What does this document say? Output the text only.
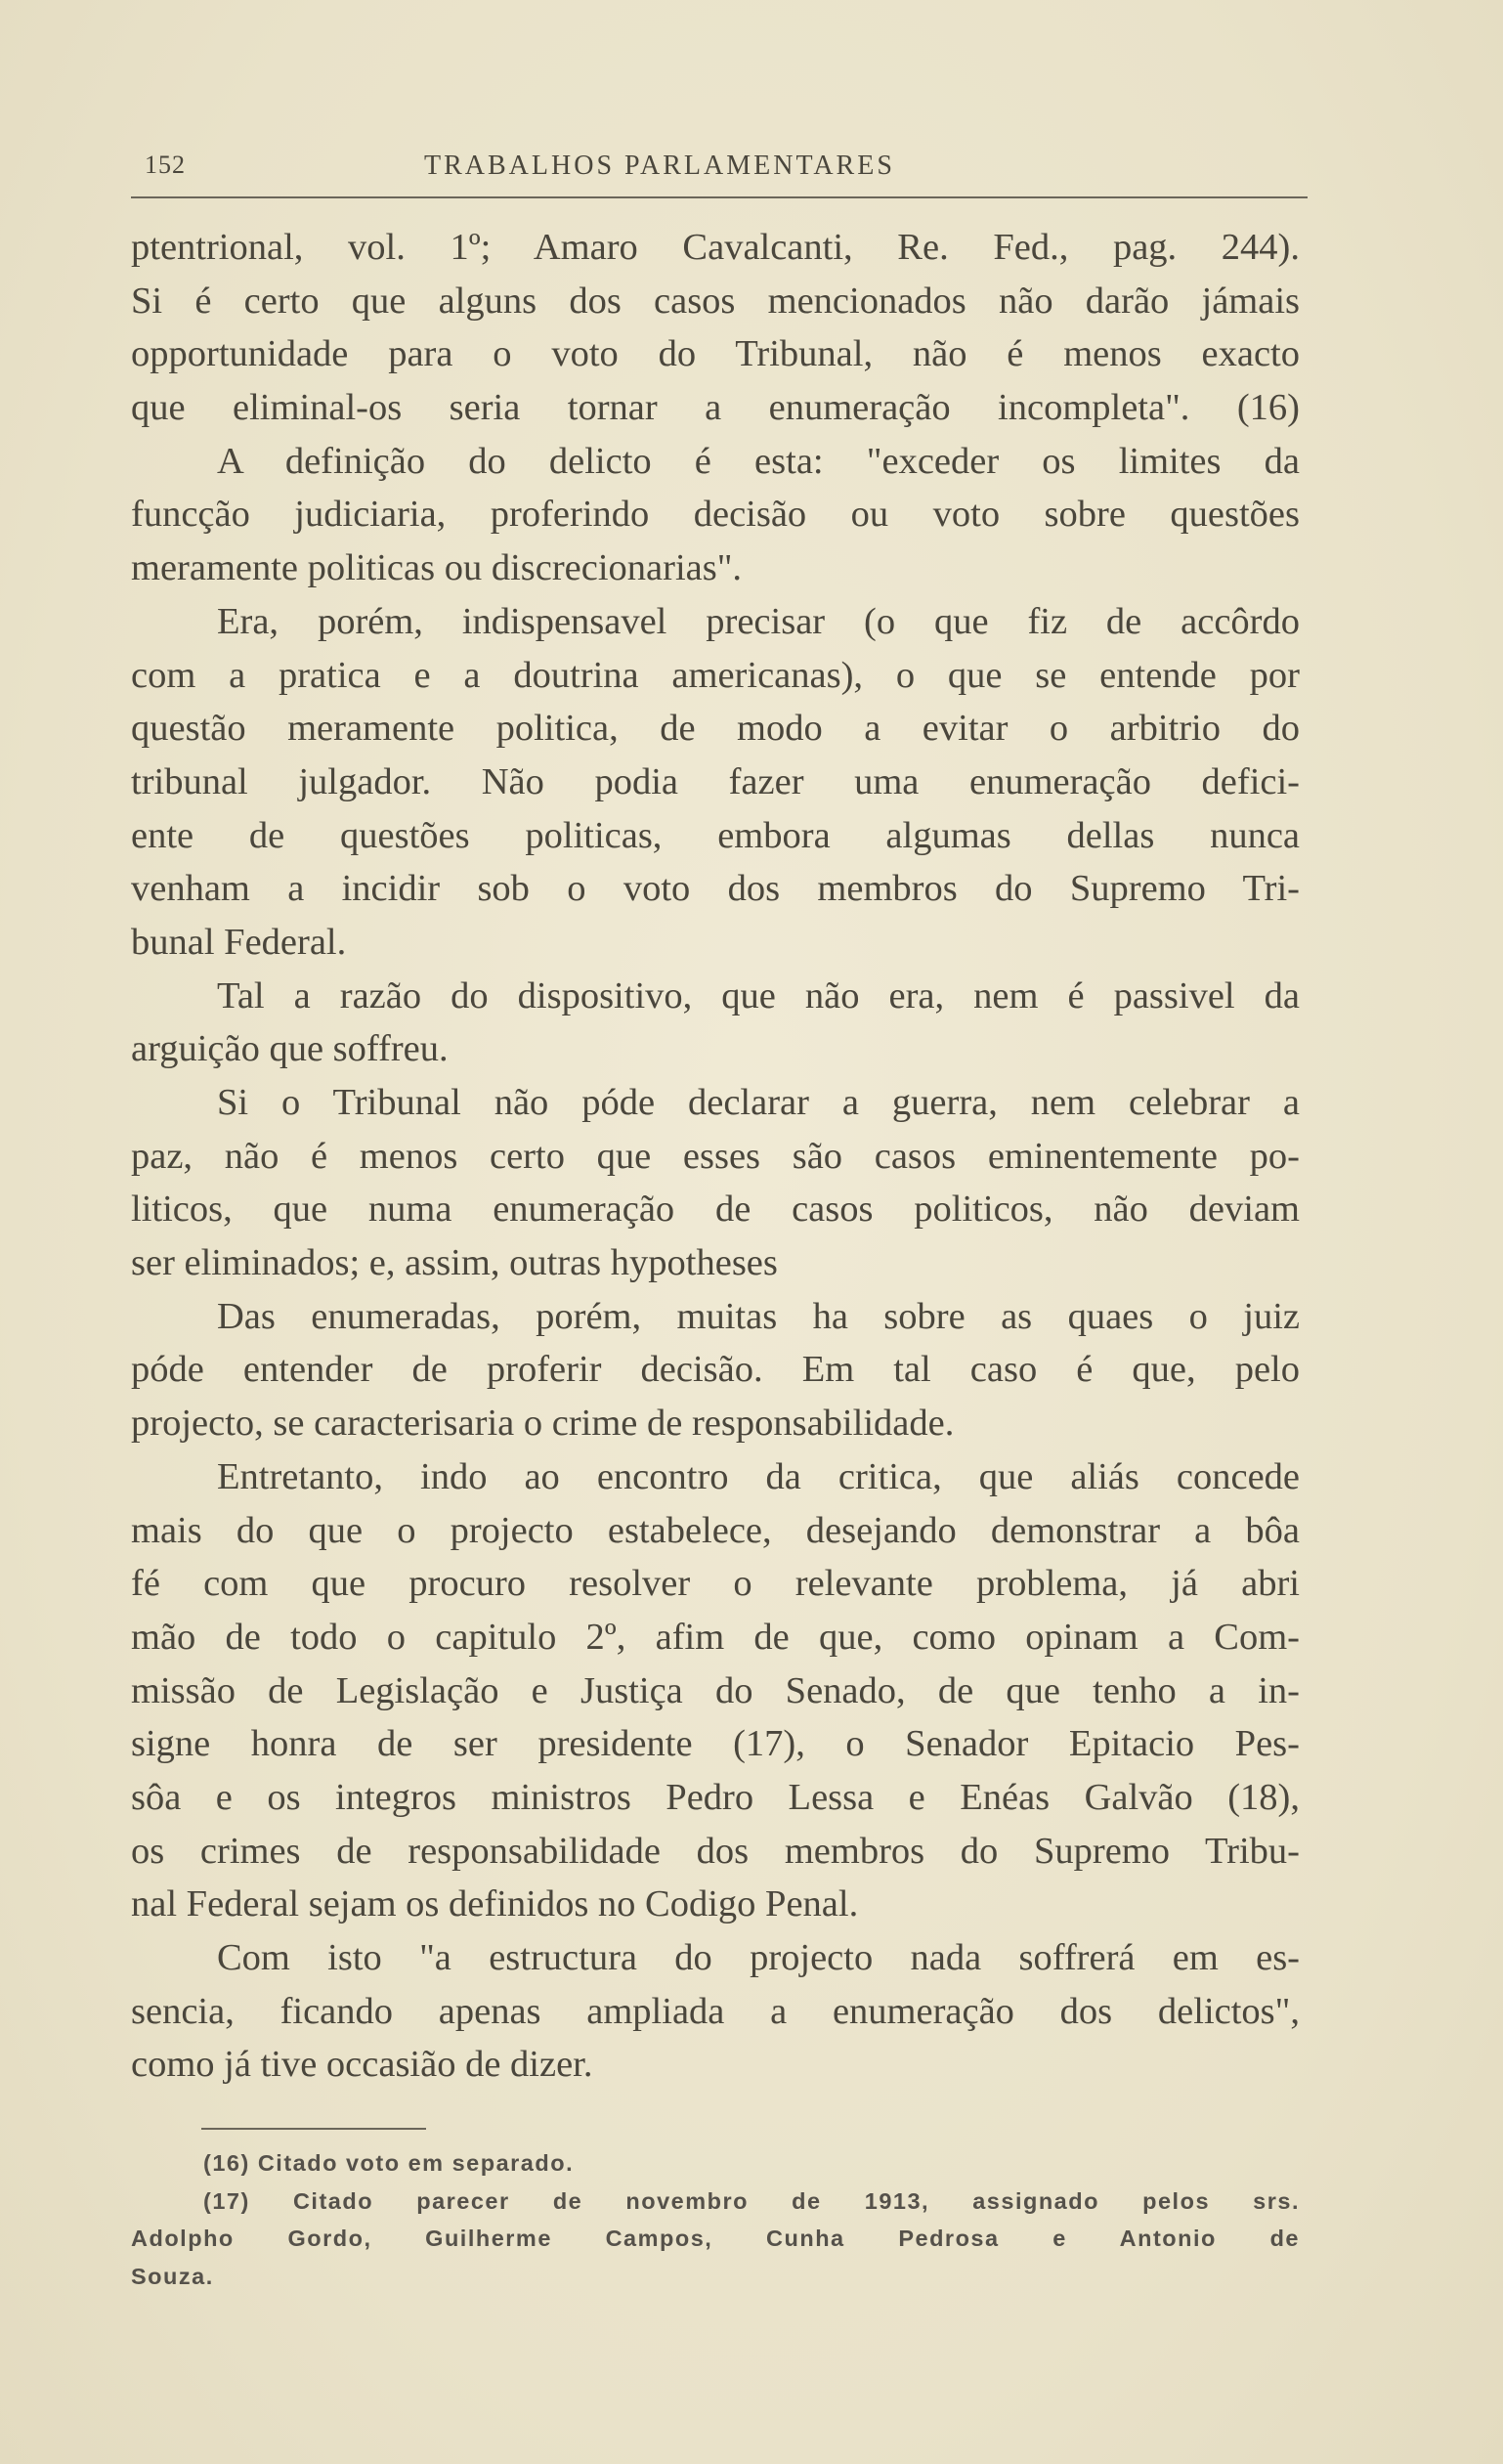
152	TRABALHOS PARLAMENTARES
ptentrional, vol. 1º; Amaro Cavalcanti, Re. Fed., pag. 244).
Si é certo que alguns dos casos mencionados não darão jámais
opportunidade para o voto do Tribunal, não é menos exacto
que eliminal-os seria tornar a enumeração incompleta". (16)
A definição do delicto é esta: "exceder os limites da
funcção judiciaria, proferindo decisão ou voto sobre questões
meramente politicas ou discrecionarias".
Era, porém, indispensavel precisar (o que fiz de accôrdo
com a pratica e a doutrina americanas), o que se entende por
questão meramente politica, de modo a evitar o arbitrio do
tribunal julgador. Não podia fazer uma enumeração defici-
ente de questões politicas, embora algumas dellas nunca
venham a incidir sob o voto dos membros do Supremo Tri-
bunal Federal.
Tal a razão do dispositivo, que não era, nem é passivel da
arguição que soffreu.
Si o Tribunal não póde declarar a guerra, nem celebrar a
paz, não é menos certo que esses são casos eminentemente po-
liticos, que numa enumeração de casos politicos, não deviam
ser eliminados; e, assim, outras hypotheses
Das enumeradas, porém, muitas ha sobre as quaes o juiz
póde entender de proferir decisão. Em tal caso é que, pelo
projecto, se caracterisaria o crime de responsabilidade.
Entretanto, indo ao encontro da critica, que aliás concede
mais do que o projecto estabelece, desejando demonstrar a bôa
fé com que procuro resolver o relevante problema, já abri
mão de todo o capitulo 2º, afim de que, como opinam a Com-
missão de Legislação e Justiça do Senado, de que tenho a in-
signe honra de ser presidente (17), o Senador Epitacio Pes-
sôa e os integros ministros Pedro Lessa e Enéas Galvão (18),
os crimes de responsabilidade dos membros do Supremo Tribu-
nal Federal sejam os definidos no Codigo Penal.
Com isto "a estructura do projecto nada soffrerá em es-
sencia, ficando apenas ampliada a enumeração dos delictos",
como já tive occasião de dizer.
(16) Citado voto em separado.
(17) Citado parecer de novembro de 1913, assignado pelos srs.
Adolpho Gordo, Guilherme Campos, Cunha Pedrosa e Antonio de
Souza.
